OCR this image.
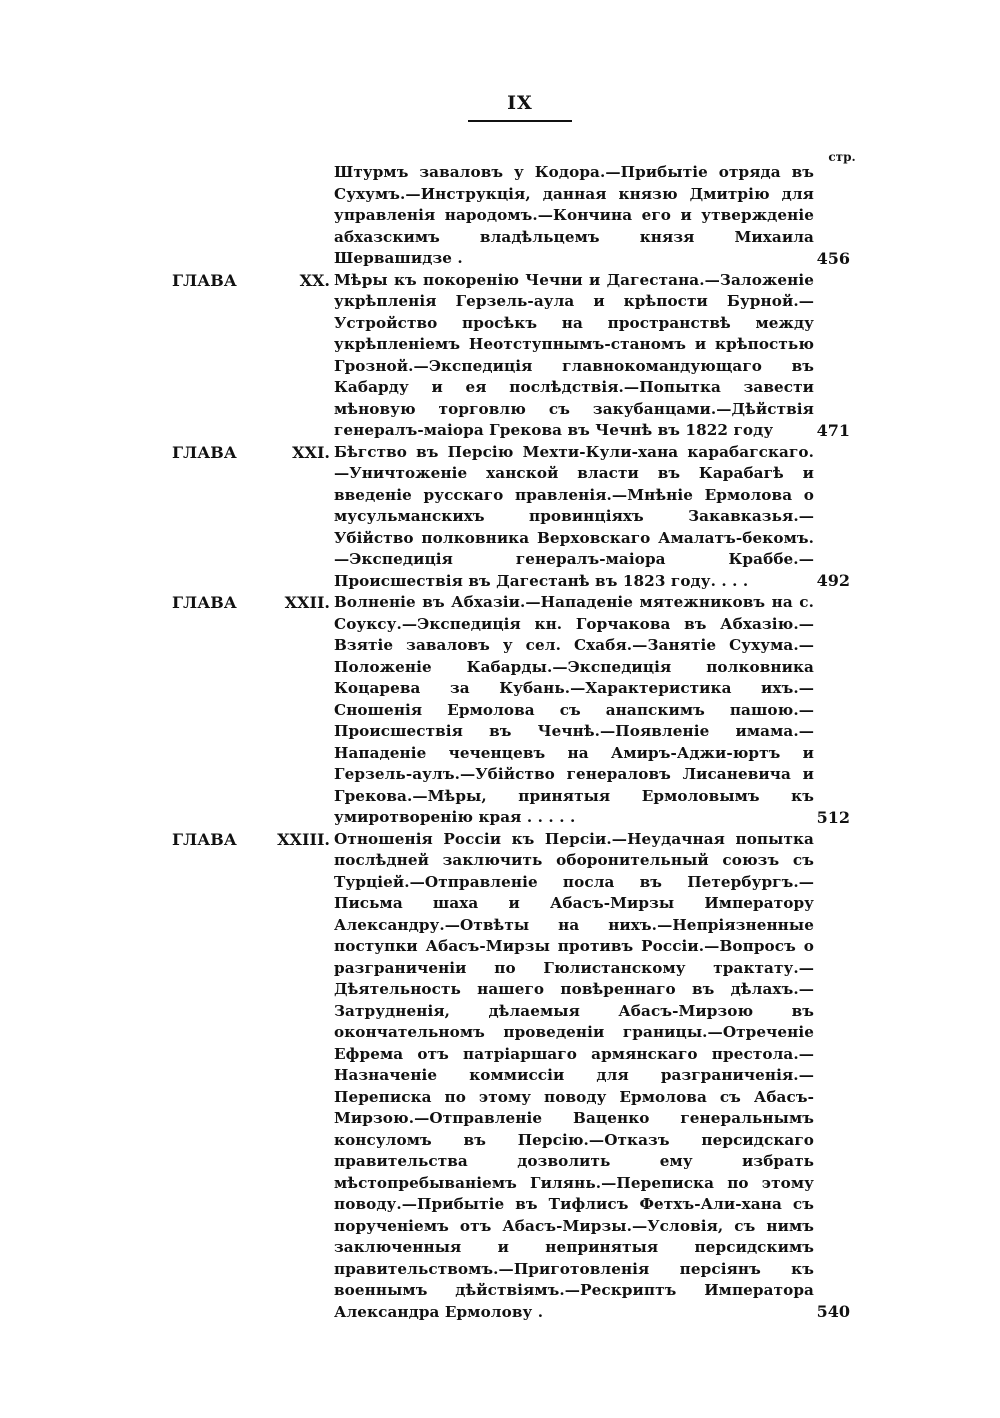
IX
стр.
Штурмъ заваловъ у Кодора.—Прибытіе отряда въ Сухумъ.—Инструкція, данная князю Дмитрію для управленія народомъ.—Кончина его и утвержденіе абхазскимъ владѣльцемъ князя Михаила Шервашидзе .	456
ГЛАВА	XX. Мѣры къ покоренію Чечни и Дагестана.—Заложеніе укрѣпленія Герзель-аула и крѣпости Бурной.—Устройство просѣкъ на пространствѣ между укрѣпленіемъ Неотступнымъ-станомъ и крѣпостью Грозной.—Экспедиція главнокомандующаго въ Кабарду и ея послѣдствія.—Попытка завести мѣновую торговлю съ закубанцами.—Дѣйствія генералъ-маіора Грекова въ Чечнѣ въ 1822 году	471
ГЛАВА	XXI. Бѣгство въ Персію Мехти-Кули-хана карабагскаго.—Уничтоженіе ханской власти въ Карабагѣ и введеніе русскаго правленія.—Мнѣніе Ермолова о мусульманскихъ провинціяхъ Закавказья.—Убійство полковника Верховскаго Амалатъ-бекомъ.—Экспедиція генералъ-маіора Краббе.—Происшествія въ Дагестанѣ въ 1823 году. . . .	492
ГЛАВА	XXII. Волненіе въ Абхазіи.—Нападеніе мятежниковъ на с. Соуксу.—Экспедиція кн. Горчакова въ Абхазію.—Взятіе заваловъ у сел. Схабя.—Занятіе Сухума.—Положеніе Кабарды.—Экспедиція полковника Коцарева за Кубань.—Характеристика ихъ.—Сношенія Ермолова съ анапскимъ пашою.—Происшествія въ Чечнѣ.—Появленіе имама.—Нападеніе чеченцевъ на Амиръ-Аджи-юртъ и Герзель-аулъ.—Убійство генераловъ Лисаневича и Грекова.—Мѣры, принятыя Ермоловымъ къ умиротворенію края . . . . .	512
ГЛАВА	XXIII. Отношенія Россіи къ Персіи.—Неудачная попытка послѣдней заключить оборонительный союзъ съ Турціей.—Отправленіе посла въ Петербургъ.—Письма шаха и Абасъ-Мирзы Императору Александру.—Отвѣты на нихъ.—Непріязненные поступки Абасъ-Мирзы противъ Россіи.—Вопросъ о разграниченіи по Гюлистанскому трактату.—Дѣятельность нашего повѣреннаго въ дѣлахъ.—Затрудненія, дѣлаемыя Абасъ-Мирзою въ окончательномъ проведеніи границы.—Отреченіе Ефрема отъ патріаршаго армянскаго престола.—Назначеніе коммиссіи для разграниченія.—Переписка по этому поводу Ермолова съ Абасъ-Мирзою.—Отправленіе Ваценко генеральнымъ консуломъ въ Персію.—Отказъ персидскаго правительства дозволить ему избрать мѣстопребываніемъ Гилянь.—Переписка по этому поводу.—Прибытіе въ Тифлисъ Фетхъ-Али-хана съ порученіемъ отъ Абасъ-Мирзы.—Условія, съ нимъ заключенныя и непринятыя персидскимъ правительствомъ.—Приготовленія персіянъ къ военнымъ дѣйствіямъ.—Рескриптъ Императора Александра Ермолову .	540
